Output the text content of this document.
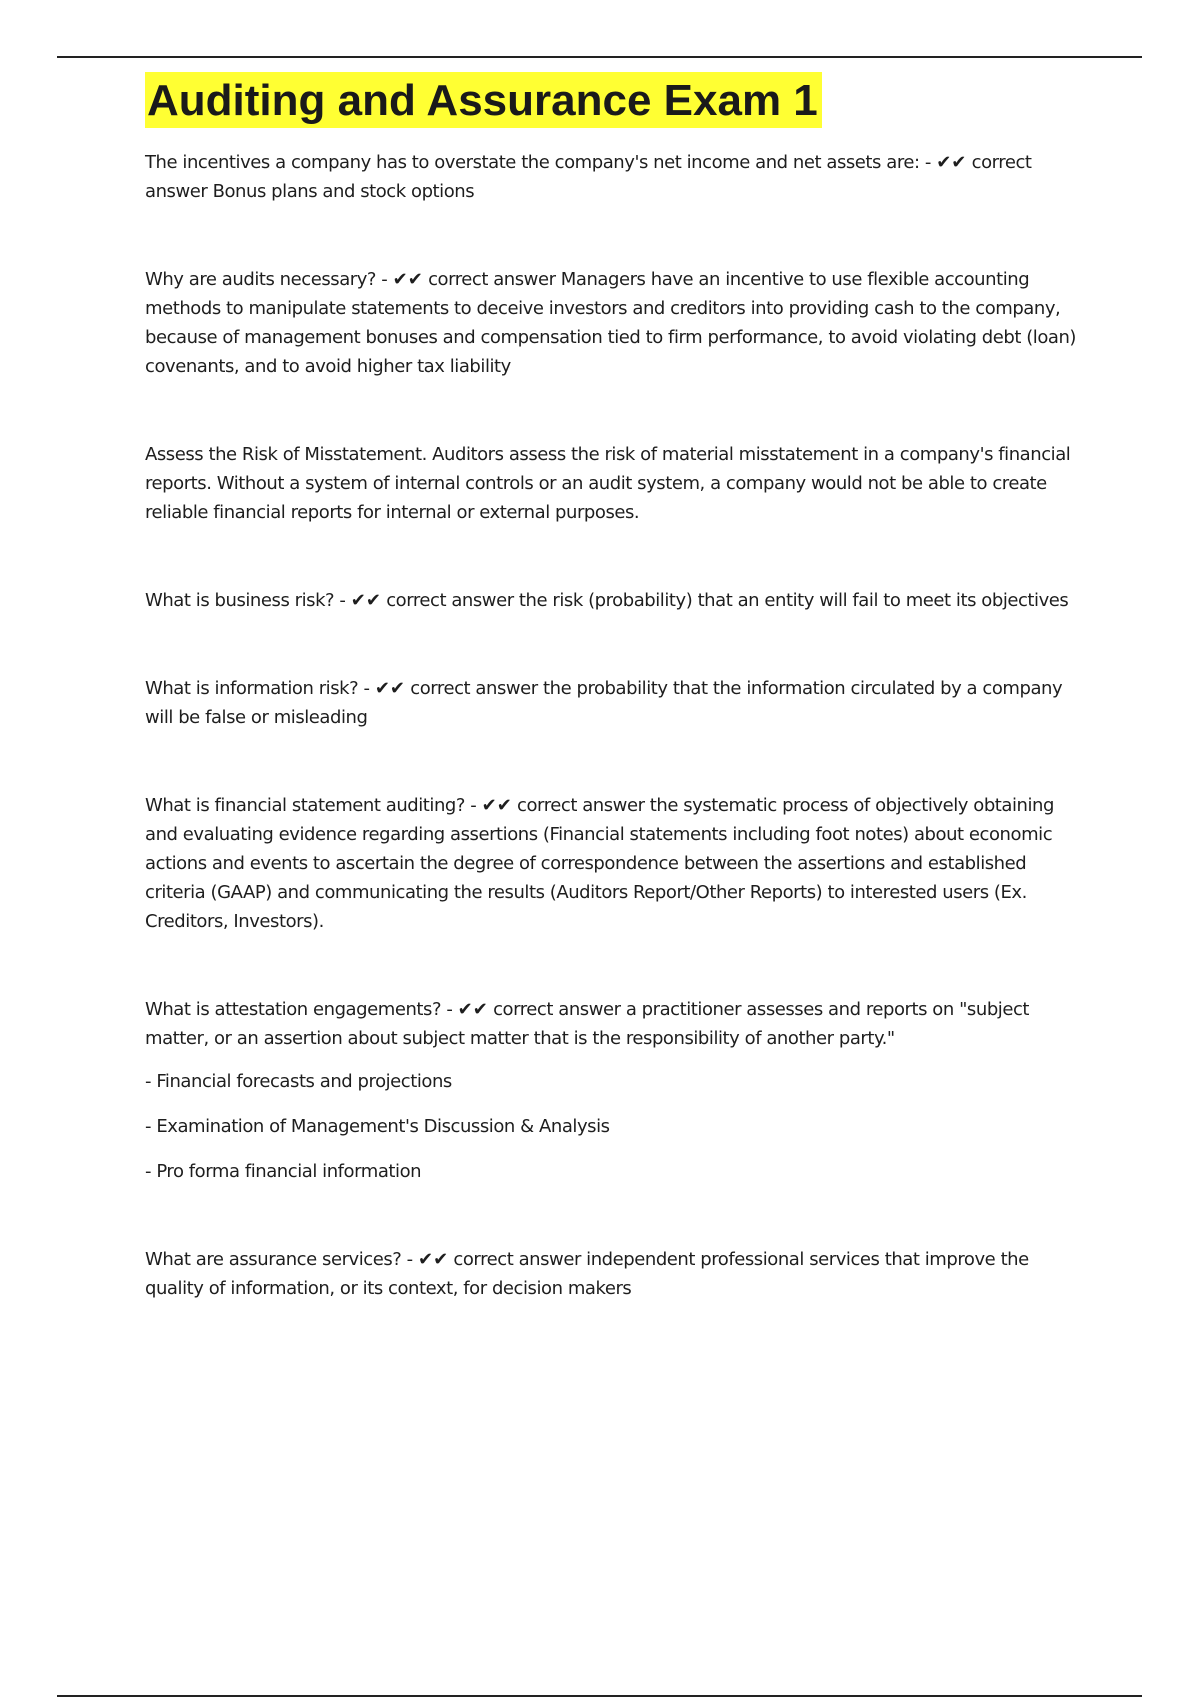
Auditing and Assurance Exam 1

The incentives a company has to overstate the company's net income and net assets are: - ✔✔ correct answer Bonus plans and stock options

Why are audits necessary? - ✔✔ correct answer Managers have an incentive to use flexible accounting methods to manipulate statements to deceive investors and creditors into providing cash to the company, because of management bonuses and compensation tied to firm performance, to avoid violating debt (loan) covenants, and to avoid higher tax liability

Assess the Risk of Misstatement. Auditors assess the risk of material misstatement in a company's financial reports. Without a system of internal controls or an audit system, a company would not be able to create reliable financial reports for internal or external purposes.

What is business risk? - ✔✔ correct answer the risk (probability) that an entity will fail to meet its objectives

What is information risk? - ✔✔ correct answer the probability that the information circulated by a company will be false or misleading

What is financial statement auditing? - ✔✔ correct answer the systematic process of objectively obtaining and evaluating evidence regarding assertions (Financial statements including foot notes) about economic actions and events to ascertain the degree of correspondence between the assertions and established criteria (GAAP) and communicating the results (Auditors Report/Other Reports) to interested users (Ex. Creditors, Investors).

What is attestation engagements? - ✔✔ correct answer a practitioner assesses and reports on "subject matter, or an assertion about subject matter that is the responsibility of another party."

- Financial forecasts and projections

- Examination of Management's Discussion & Analysis

- Pro forma financial information

What are assurance services? - ✔✔ correct answer independent professional services that improve the quality of information, or its context, for decision makers
